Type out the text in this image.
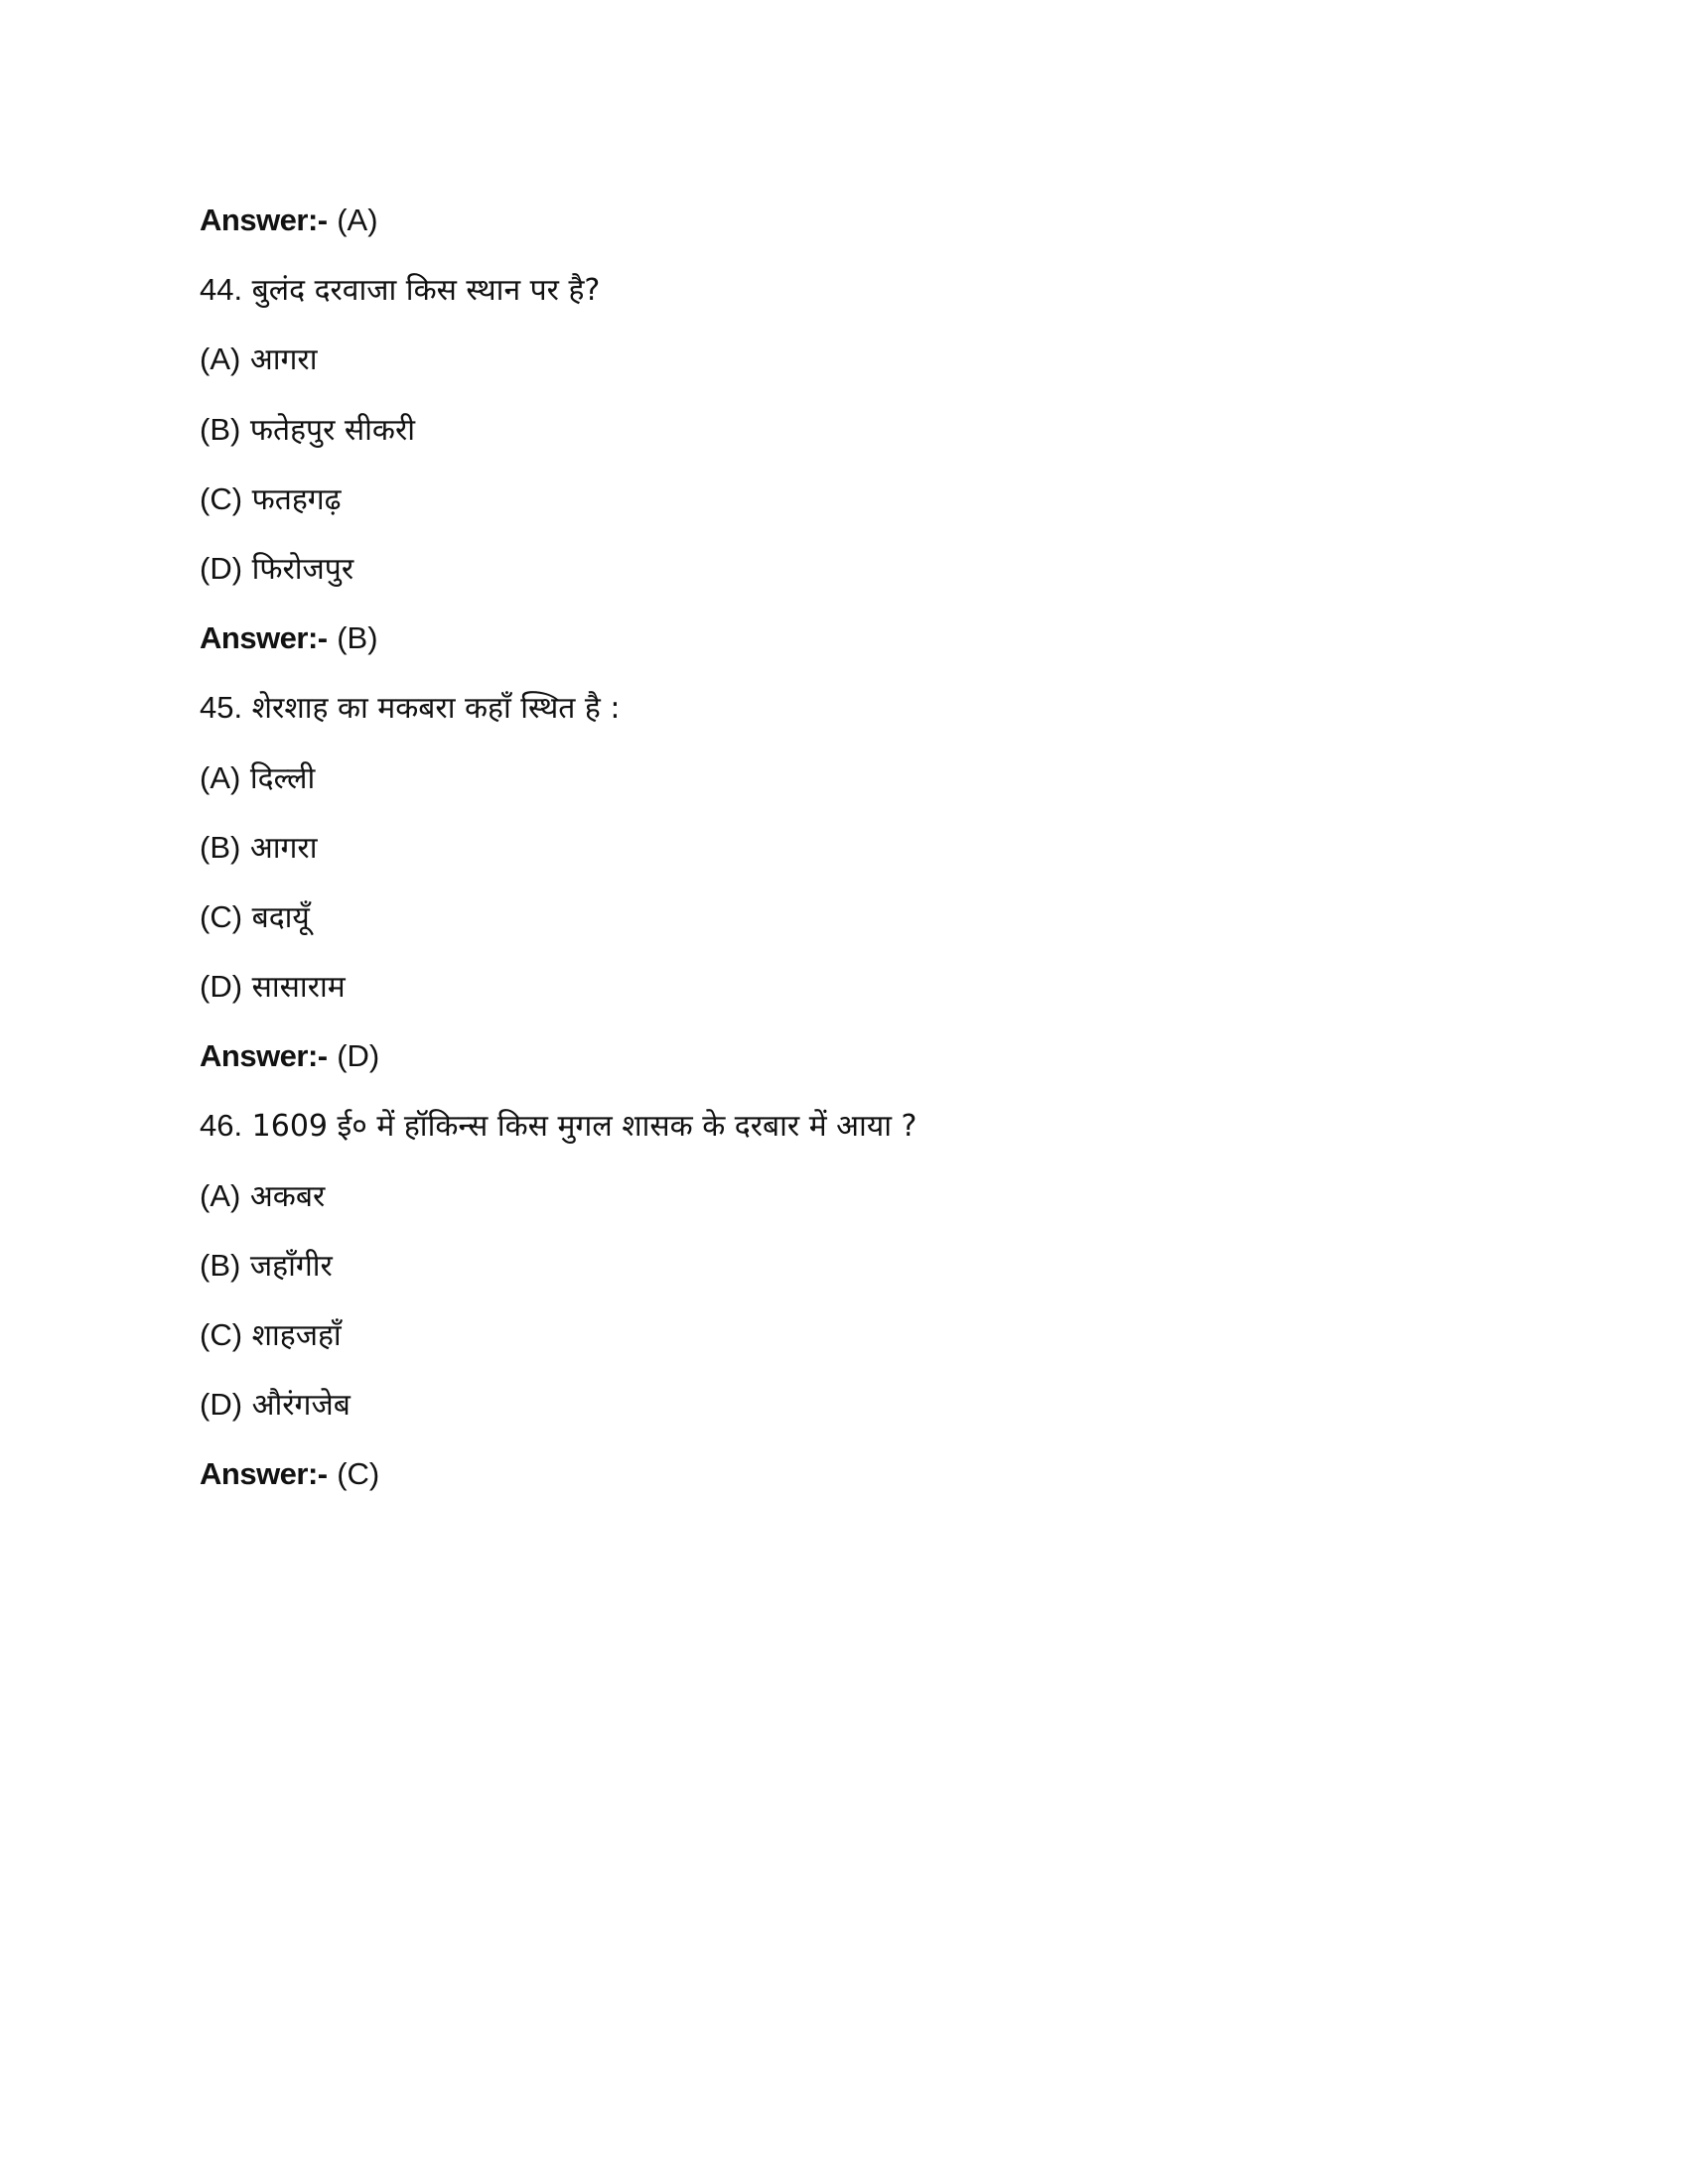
Answer:- (A)
44. बुलंद दरवाजा किस स्थान पर है?
(A) आगरा
(B) फतेहपुर सीकरी
(C) फतहगढ़
(D) फिरोजपुर
Answer:- (B)
45. शेरशाह का मकबरा कहाँ स्थित है :
(A) दिल्ली
(B) आगरा
(C) बदायूँ
(D) सासाराम
Answer:- (D)
46. 1609 ई० में हॉकिन्स किस मुगल शासक के दरबार में आया ?
(A) अकबर
(B) जहाँगीर
(C) शाहजहाँ
(D) औरंगजेब
Answer:- (C)
